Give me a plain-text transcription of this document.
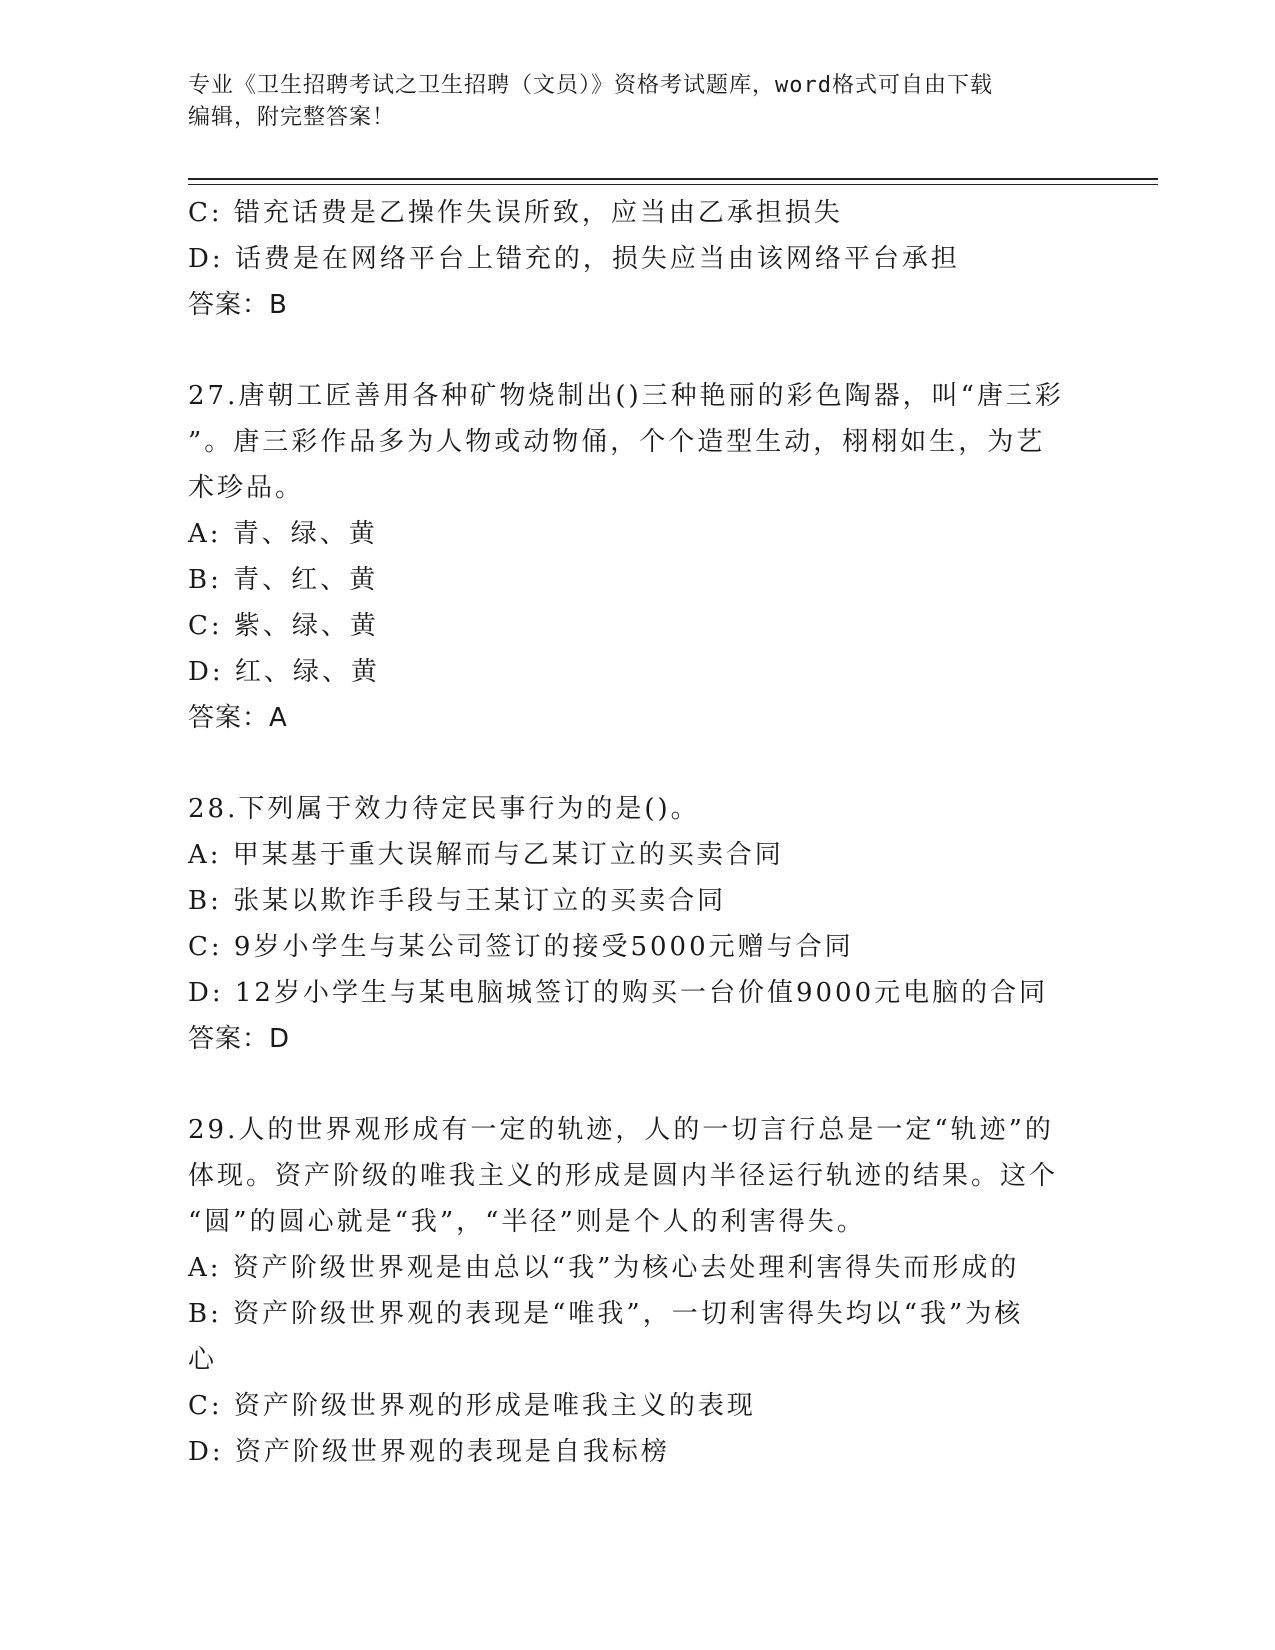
专业《卫生招聘考试之卫生招聘（文员）》资格考试题库，word格式可自由下载
编辑，附完整答案！
C: 错充话费是乙操作失误所致，应当由乙承担损失
D: 话费是在网络平台上错充的，损失应当由该网络平台承担
答案：B
27.唐朝工匠善用各种矿物烧制出()三种艳丽的彩色陶器，叫“唐三彩
”。唐三彩作品多为人物或动物俑，个个造型生动，栩栩如生，为艺
术珍品。
A: 青、绿、黄
B: 青、红、黄
C: 紫、绿、黄
D: 红、绿、黄
答案：A
28.下列属于效力待定民事行为的是()。
A: 甲某基于重大误解而与乙某订立的买卖合同
B: 张某以欺诈手段与王某订立的买卖合同
C: 9岁小学生与某公司签订的接受5000元赠与合同
D: 12岁小学生与某电脑城签订的购买一台价值9000元电脑的合同
答案：D
29.人的世界观形成有一定的轨迹，人的一切言行总是一定“轨迹”的
体现。资产阶级的唯我主义的形成是圆内半径运行轨迹的结果。这个
“圆”的圆心就是“我”，“半径”则是个人的利害得失。
A: 资产阶级世界观是由总以“我”为核心去处理利害得失而形成的
B: 资产阶级世界观的表现是“唯我”，一切利害得失均以“我”为核
心
C: 资产阶级世界观的形成是唯我主义的表现
D: 资产阶级世界观的表现是自我标榜
